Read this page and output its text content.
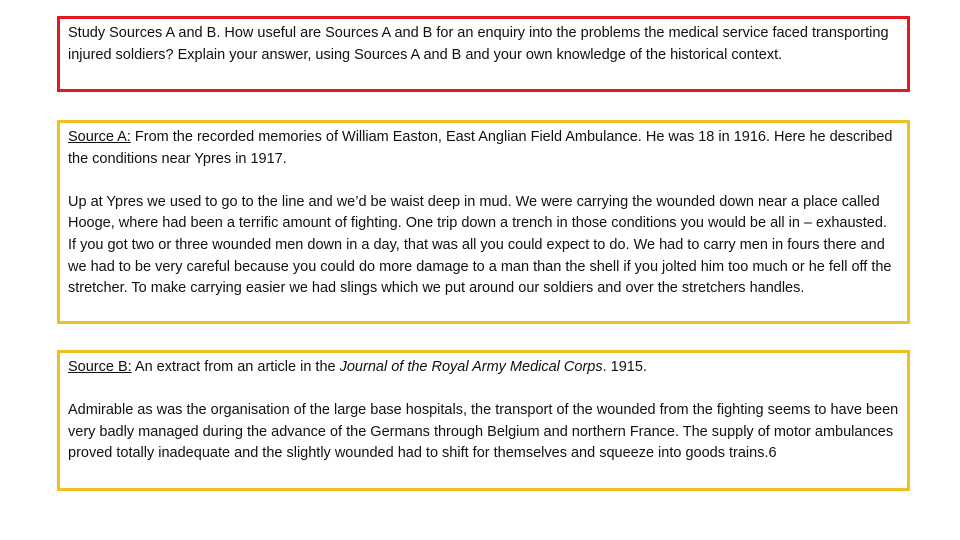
Study Sources A and B. How useful are Sources A and B for an enquiry into the problems the medical service faced transporting injured soldiers? Explain your answer, using Sources A and B and your own knowledge of the historical context.
Source A: From the recorded memories of William Easton, East Anglian Field Ambulance. He was 18 in 1916. Here he described the conditions near Ypres in 1917.
Up at Ypres we used to go to the line and we’d be waist deep in mud. We were carrying the wounded down near a place called Hooge, where had been a terrific amount of fighting. One trip down a trench in those conditions you would be all in – exhausted. If you got two or three wounded men down in a day, that was all you could expect to do. We had to carry men in fours there and we had to be very careful because you could do more damage to a man than the shell if you jolted him too much or he fell off the stretcher. To make carrying easier we had slings which we put around our soldiers and over the stretchers handles.
Source B: An extract from an article in the Journal of the Royal Army Medical Corps. 1915.
Admirable as was the organisation of the large base hospitals, the transport of the wounded from the fighting seems to have been very badly managed during the advance of the Germans through Belgium and northern France. The supply of motor ambulances proved totally inadequate and the slightly wounded had to shift for themselves and squeeze into goods trains.6
